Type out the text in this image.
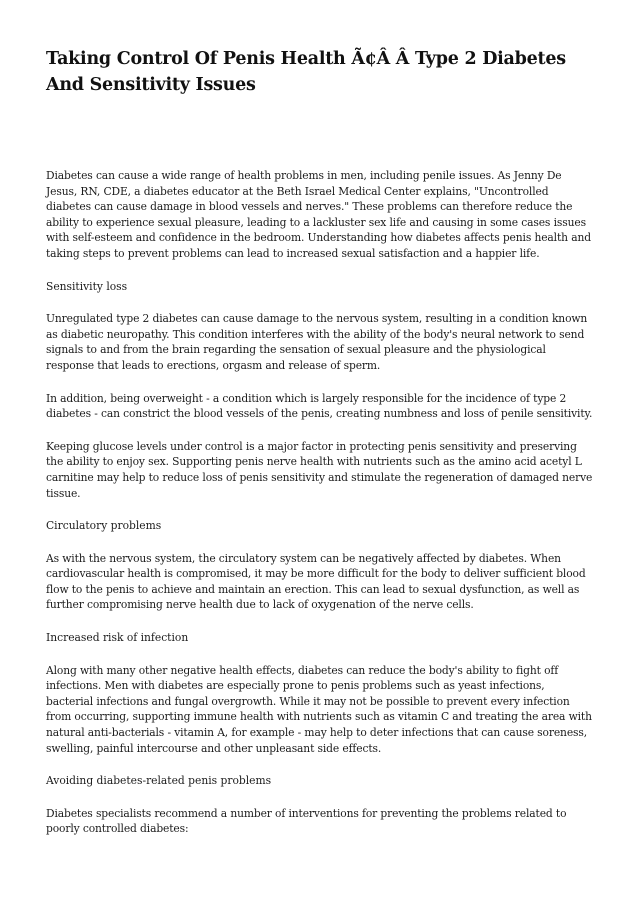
Taking Control Of Penis Health Ã¢Â Â Type 2 Diabetes And Sensitivity Issues

Diabetes can cause a wide range of health problems in men, including penile issues. As Jenny De Jesus, RN, CDE, a diabetes educator at the Beth Israel Medical Center explains, "Uncontrolled diabetes can cause damage in blood vessels and nerves." These problems can therefore reduce the ability to experience sexual pleasure, leading to a lackluster sex life and causing in some cases issues with self-esteem and confidence in the bedroom. Understanding how diabetes affects penis health and taking steps to prevent problems can lead to increased sexual satisfaction and a happier life.

Sensitivity loss

Unregulated type 2 diabetes can cause damage to the nervous system, resulting in a condition known as diabetic neuropathy. This condition interferes with the ability of the body's neural network to send signals to and from the brain regarding the sensation of sexual pleasure and the physiological response that leads to erections, orgasm and release of sperm.

In addition, being overweight - a condition which is largely responsible for the incidence of type 2 diabetes - can constrict the blood vessels of the penis, creating numbness and loss of penile sensitivity.

Keeping glucose levels under control is a major factor in protecting penis sensitivity and preserving the ability to enjoy sex. Supporting penis nerve health with nutrients such as the amino acid acetyl L carnitine may help to reduce loss of penis sensitivity and stimulate the regeneration of damaged nerve tissue.

Circulatory problems

As with the nervous system, the circulatory system can be negatively affected by diabetes. When cardiovascular health is compromised, it may be more difficult for the body to deliver sufficient blood flow to the penis to achieve and maintain an erection. This can lead to sexual dysfunction, as well as further compromising nerve health due to lack of oxygenation of the nerve cells.

Increased risk of infection

Along with many other negative health effects, diabetes can reduce the body's ability to fight off infections. Men with diabetes are especially prone to penis problems such as yeast infections, bacterial infections and fungal overgrowth. While it may not be possible to prevent every infection from occurring, supporting immune health with nutrients such as vitamin C and treating the area with natural anti-bacterials - vitamin A, for example - may help to deter infections that can cause soreness, swelling, painful intercourse and other unpleasant side effects.

Avoiding diabetes-related penis problems

Diabetes specialists recommend a number of interventions for preventing the problems related to poorly controlled diabetes:
